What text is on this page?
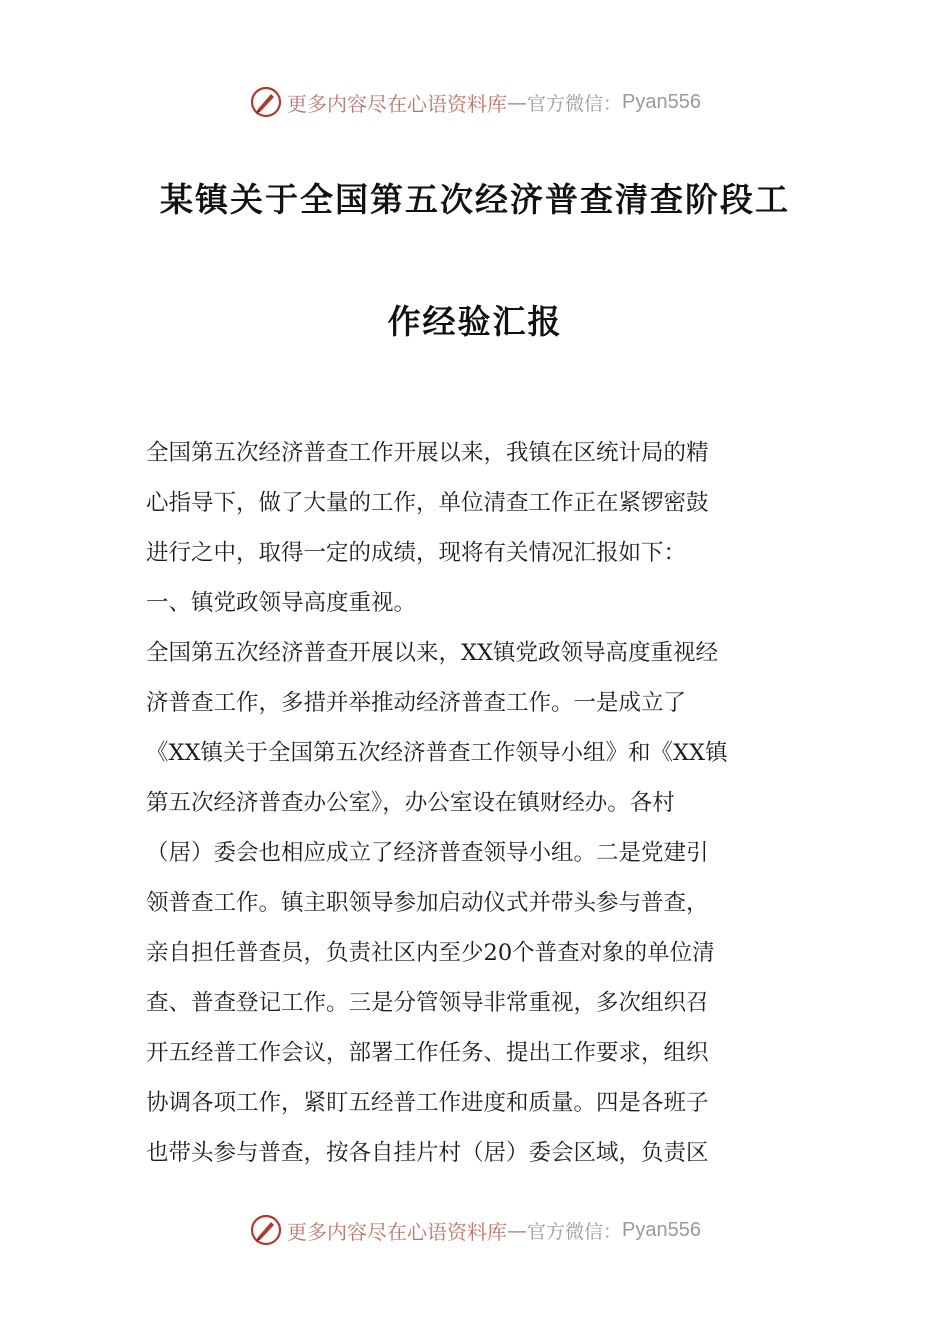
更多内容尽在心语资料库 — 官方微信： Pyan556
某镇关于全国第五次经济普查清查阶段工
作经验汇报
全国第五次经济普查工作开展以来，我镇在区统计局的精
心指导下，做了大量的工作，单位清查工作正在紧锣密鼓
进行之中，取得一定的成绩，现将有关情况汇报如下：
一、镇党政领导高度重视。
全国第五次经济普查开展以来，XX镇党政领导高度重视经
济普查工作，多措并举推动经济普查工作。一是成立了
《XX镇关于全国第五次经济普查工作领导小组》和《XX镇
第五次经济普查办公室》，办公室设在镇财经办。各村
（居）委会也相应成立了经济普查领导小组。二是党建引
领普查工作。镇主职领导参加启动仪式并带头参与普查，
亲自担任普查员，负责社区内至少20个普查对象的单位清
查、普查登记工作。三是分管领导非常重视，多次组织召
开五经普工作会议，部署工作任务、提出工作要求，组织
协调各项工作，紧盯五经普工作进度和质量。四是各班子
也带头参与普查，按各自挂片村（居）委会区域，负责区
更多内容尽在心语资料库 — 官方微信： Pyan556
